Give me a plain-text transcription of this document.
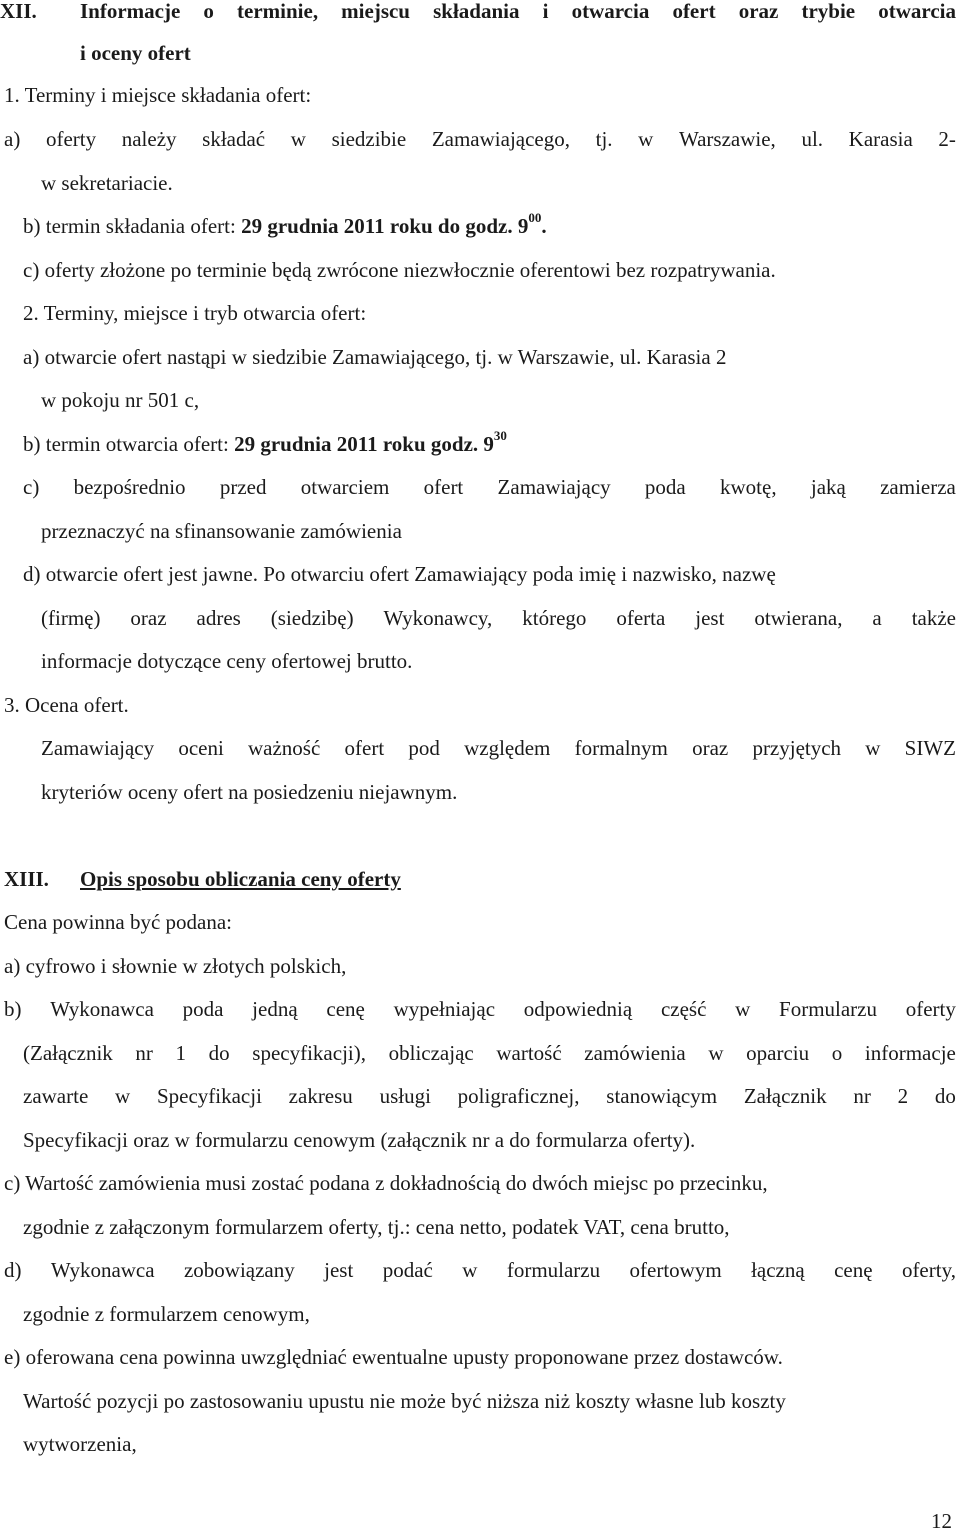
XII. Informacje o terminie, miejscu składania i otwarcia ofert oraz trybie otwarcia
i oceny ofert
1. Terminy i miejsce składania ofert:
a) oferty należy składać w siedzibie Zamawiającego, tj. w Warszawie, ul. Karasia 2-
w sekretariacie.
b) termin składania ofert: 29 grudnia 2011 roku do godz. $9^{00}$.
c) oferty złożone po terminie będą zwrócone niezwłocznie oferentowi bez rozpatrywania.
2. Terminy, miejsce i tryb otwarcia ofert:
a) otwarcie ofert nastąpi w siedzibie Zamawiającego, tj. w Warszawie, ul. Karasia 2
w pokoju nr 501 c,
b) termin otwarcia ofert: 29 grudnia 2011 roku godz. $9^{30}$
c) bezpośrednio przed otwarciem ofert Zamawiający poda kwotę, jaką zamierza
przeznaczyć na sfinansowanie zamówienia
d) otwarcie ofert jest jawne. Po otwarciu ofert Zamawiający poda imię i nazwisko, nazwę
(firmę) oraz adres (siedzibę) Wykonawcy, którego oferta jest otwierana, a także
informacje dotyczące ceny ofertowej brutto.
3. Ocena ofert.
Zamawiający oceni ważność ofert pod względem formalnym oraz przyjętych w SIWZ
kryteriów oceny ofert na posiedzeniu niejawnym.
XIII. Opis sposobu obliczania ceny oferty
Cena powinna być podana:
a) cyfrowo i słownie w złotych polskich,
b) Wykonawca poda jedną cenę wypełniając odpowiednią część w Formularzu oferty
(Załącznik nr 1 do specyfikacji), obliczając wartość zamówienia w oparciu o informacje
zawarte w Specyfikacji zakresu usługi poligraficznej, stanowiącym Załącznik nr 2 do
Specyfikacji oraz w formularzu cenowym (załącznik nr a do formularza oferty).
c) Wartość zamówienia musi zostać podana z dokładnością do dwóch miejsc po przecinku,
zgodnie z załączonym formularzem oferty, tj.: cena netto, podatek VAT, cena brutto,
d) Wykonawca zobowiązany jest podać w formularzu ofertowym łączną cenę oferty,
zgodnie z formularzem cenowym,
e) oferowana cena powinna uwzględniać ewentualne upusty proponowane przez dostawców.
Wartość pozycji po zastosowaniu upustu nie może być niższa niż koszty własne lub koszty
wytworzenia,
12
